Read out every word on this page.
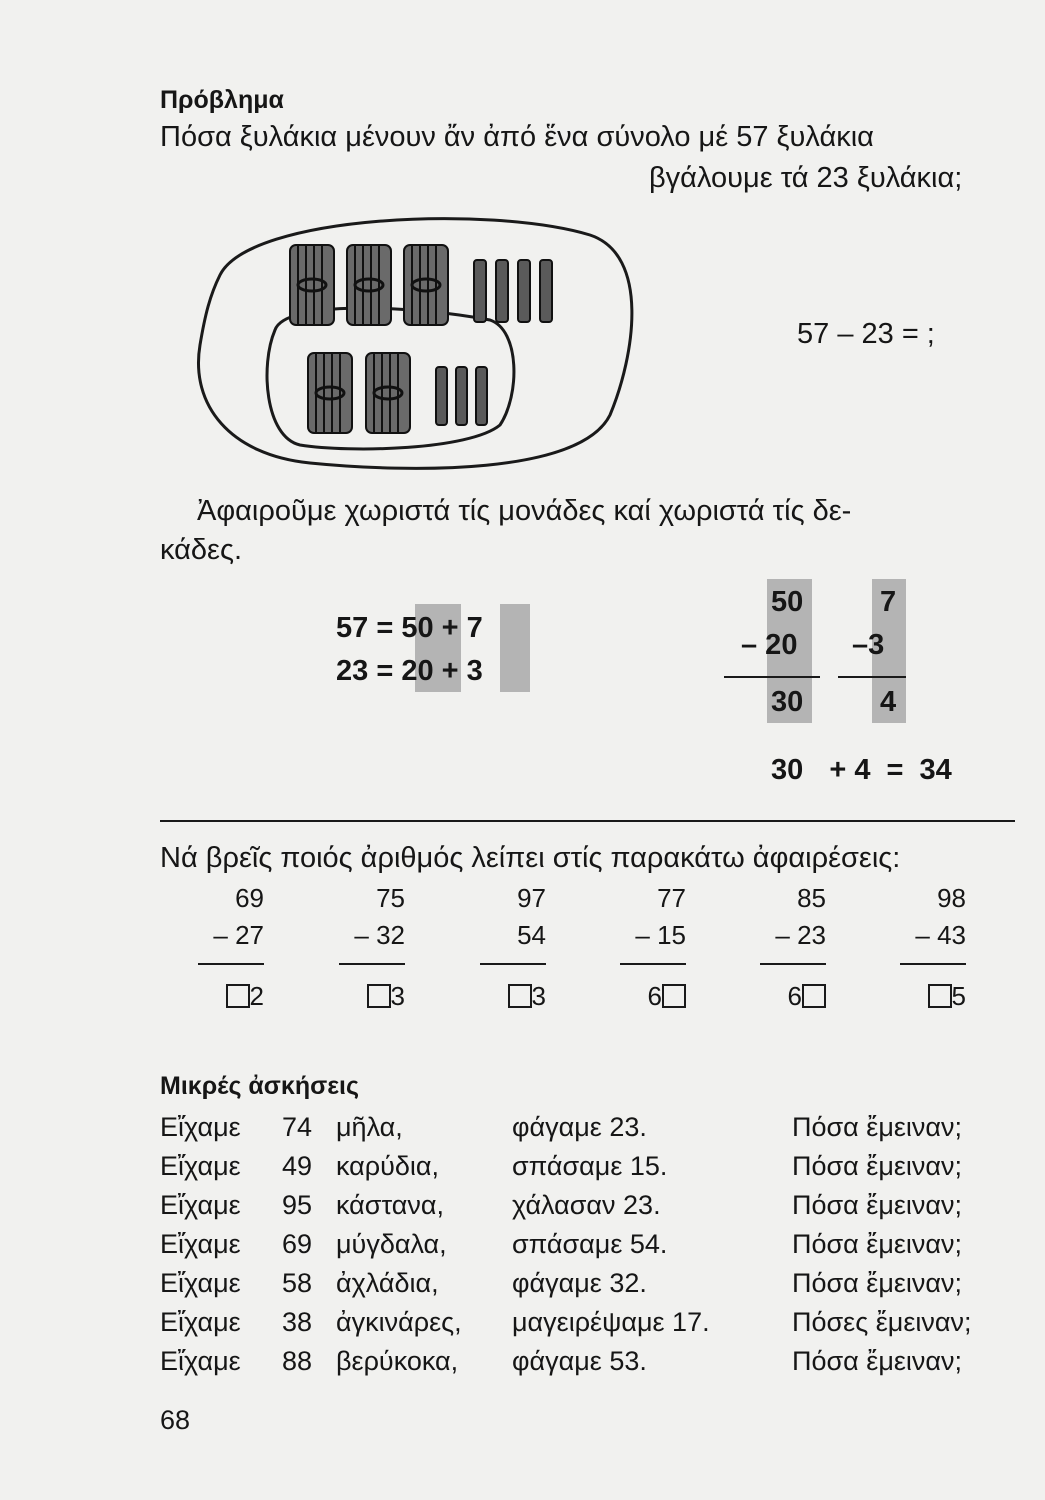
Πρόβλημα
Πόσα ξυλάκια μένουν ἄν ἀπό ἕνα σύνολο μέ 57 ξυλάκια
βγάλουμε τά 23 ξυλάκια;
57 – 23 = ;
Ἀφαιροῦμε χωριστά τίς μονάδες καί χωριστά τίς δε-
κάδες.
57 = 50 + 7
23 = 20 + 3
50
– 20
30
7
–3
4
30 + 4 = 34
Νά βρεῖς ποιός ἀριθμός λείπει στίς παρακάτω ἀφαιρέσεις:
69
– 27
2
75
– 32
3
97
54
3
77
– 15
6
85
– 23
6
98
– 43
5
Μικρές ἀσκήσεις
Εἴχαμε 74 μῆλα,	φάγαμε 23.	Πόσα ἔμειναν;
Εἴχαμε 49 καρύδια,	σπάσαμε 15.	Πόσα ἔμειναν;
Εἴχαμε 95 κάστανα,	χάλασαν 23.	Πόσα ἔμειναν;
Εἴχαμε 69 μύγδαλα, σπάσαμε 54.	Πόσα ἔμειναν;
Εἴχαμε 58 ἀχλάδια,	φάγαμε 32.	Πόσα ἔμειναν;
Εἴχαμε 38 ἀγκινάρες, μαγειρέψαμε 17.	Πόσες ἔμειναν;
Εἴχαμε 88 βερύκοκα, φάγαμε 53.	Πόσα ἔμειναν;
68
